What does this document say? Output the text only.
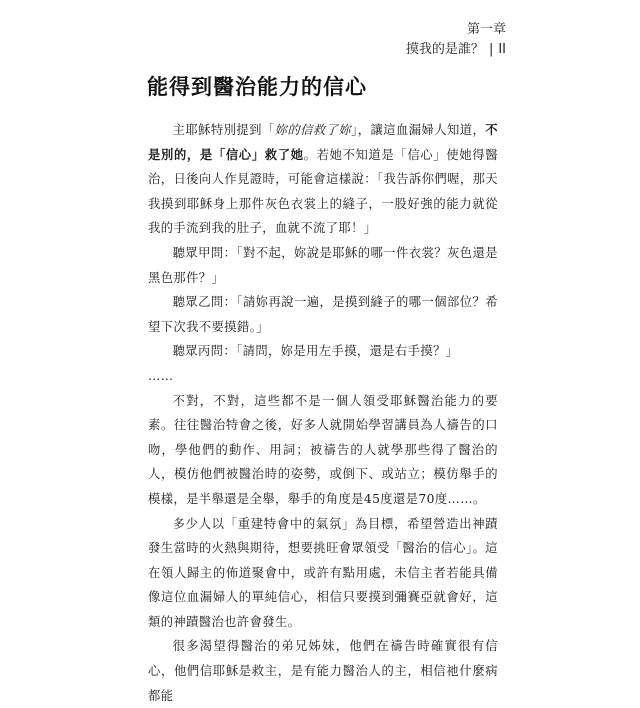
第一章
摸我的是誰？ | II
能得到醫治能力的信心

主耶穌特別提到「妳的信救了妳」，讓這血漏婦人知道，不是別的，是「信心」救了她。若她不知道是「信心」使她得醫治，日後向人作見證時，可能會這樣說：「我告訴你們喔，那天我摸到耶穌身上那件灰色衣裳上的縫子，一股好強的能力就從我的手流到我的肚子，血就不流了耶！」

聽眾甲問：「對不起，妳說是耶穌的哪一件衣裳？灰色還是黑色那件？」

聽眾乙問：「請妳再說一遍，是摸到縫子的哪一個部位？希望下次我不要摸錯。」

聽眾丙問：「請問，妳是用左手摸，還是右手摸？」

……

不對，不對，這些都不是一個人領受耶穌醫治能力的要素。往往醫治特會之後，好多人就開始學習講員為人禱告的口吻，學他們的動作、用詞；被禱告的人就學那些得了醫治的人，模仿他們被醫治時的姿勢，或倒下、或站立；模仿舉手的模樣，是半舉還是全舉，舉手的角度是45度還是70度……。

多少人以「重建特會中的氣氛」為目標，希望營造出神蹟發生當時的火熱與期待，想要挑旺會眾領受「醫治的信心」。這在領人歸主的佈道聚會中，或許有點用處，未信主者若能具備像這位血漏婦人的單純信心，相信只要摸到彌賽亞就會好，這類的神蹟醫治也許會發生。

很多渴望得醫治的弟兄姊妹，他們在禱告時確實很有信心，他們信耶穌是救主，是有能力醫治人的主，相信祂什麼病都能
